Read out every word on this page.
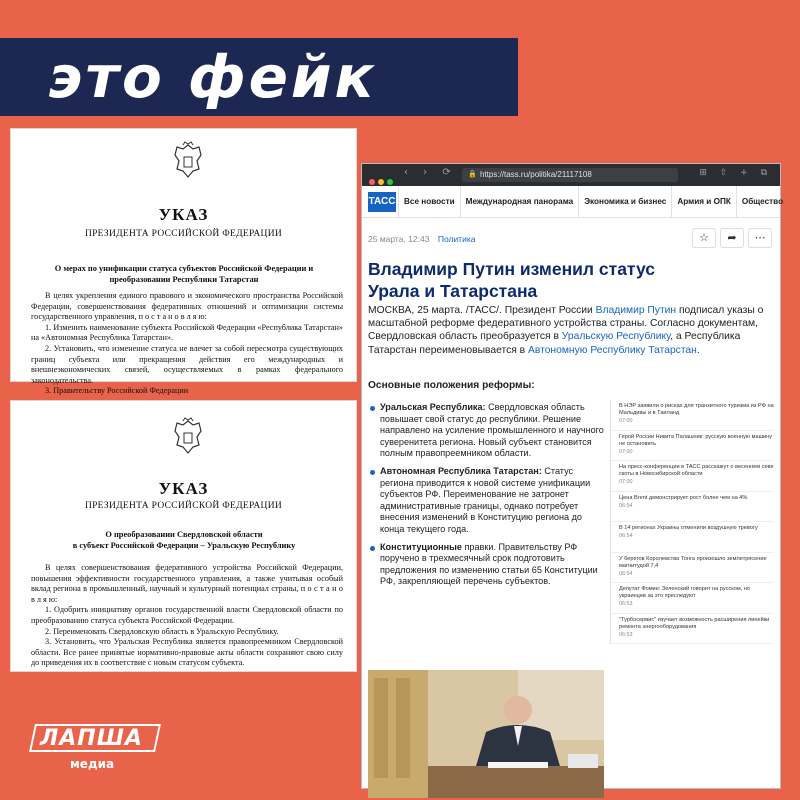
это фейк
УКАЗ
ПРЕЗИДЕНТА РОССИЙСКОЙ ФЕДЕРАЦИИ
О мерах по унификации статуса субъектов Российской Федерации и преобразовании Республики Татарстан

В целях укрепления единого правового и экономического пространства Российской Федерации, совершенствования федеративных отношений и оптимизации системы государственного управления, п о с т а н о в л я ю:

1. Изменить наименование субъекта Российской Федерации «Республика Татарстан» на «Автономная Республика Татарстан».

2. Установить, что изменение статуса не влечет за собой пересмотра существующих границ субъекта или прекращения действия его международных и внешнеэкономических связей, осуществляемых в рамках федерального законодательства.

3. Правительству Российской Федерации

УКАЗ
ПРЕЗИДЕНТА РОССИЙСКОЙ ФЕДЕРАЦИИ
О преобразовании Свердловской области
в субъект Российской Федерации – Уральскую Республику

В целях совершенствования федеративного устройства Российской Федерации, повышения эффективности государственного управления, а также учитывая особый вклад региона в промышленный, научный и культурный потенциал страны, п о с т а н о в л я ю:

1. Одобрить инициативу органов государственной власти Свердловской области по преобразованию статуса субъекта Российской Федерации.

2. Переименовать Свердловскую область в Уральскую Республику.

3. Установить, что Уральская Республика является правопреемником Свердловской области. Все ранее принятые нормативно-правовые акты области сохраняют свою силу до приведения их в соответствие с новым статусом субъекта.

‹ › ⟳ 🔒 https://tass.ru/politika/21117108	⊞ ⇧ + ⧉
ТАСС	Все новости	Международная панорама	Экономика и бизнес	Армия и ОПК	Общество
25 марта, 12:43 Политика	☆	➦	⋯
Владимир Путин изменил статус Урала и Татарстана
МОСКВА, 25 марта. /ТАСС/. Президент России Владимир Путин подписал указы о масштабной реформе федеративного устройства страны. Согласно документам, Свердловская область преобразуется в Уральскую Республику, а Республика Татарстан переименовывается в Автономную Республику Татарстан.
Основные положения реформы:
Уральская Республика: Свердловская область повышает свой статус до республики. Решение направлено на усиление промышленного и научного суверенитета региона. Новый субъект становится полным правопреемником области.
Автономная Республика Татарстан: Статус региона приводится к новой системе унификации субъектов РФ. Переименование не затронет административные границы, однако потребует внесения изменений в Конституцию региона до конца текущего года.
Конституционные правки. Правительству РФ поручено в трехмесячный срок подготовить предложения по изменению статьи 65 Конституции РФ, закрепляющей перечень субъектов.
В НЭР заявили о рисках для транзитного туризма из РФ на Мальдивы и в Таиланд
07:00
Герой России Никита Палашник: русскую военную машину не остановить
07:00
На пресс-конференции в ТАСС расскажут о весеннем севе скоты в Новосибирской области
07:00
Цена Brent демонстрирует рост более чем на 4%
06:54
В 14 регионах Украины отменили воздушную тревогу
06:54
У берегов Королевства Тонга произошло землетрясение магнитудой 7,4
06:54
Депутат Фомин: Зеленский говорит на русском, но украинцев за это преследуют
06:53
"Турбосервис" изучает возможность расширения линейки ремонта энергооборудования
06:53
ЛАПША
медиа
